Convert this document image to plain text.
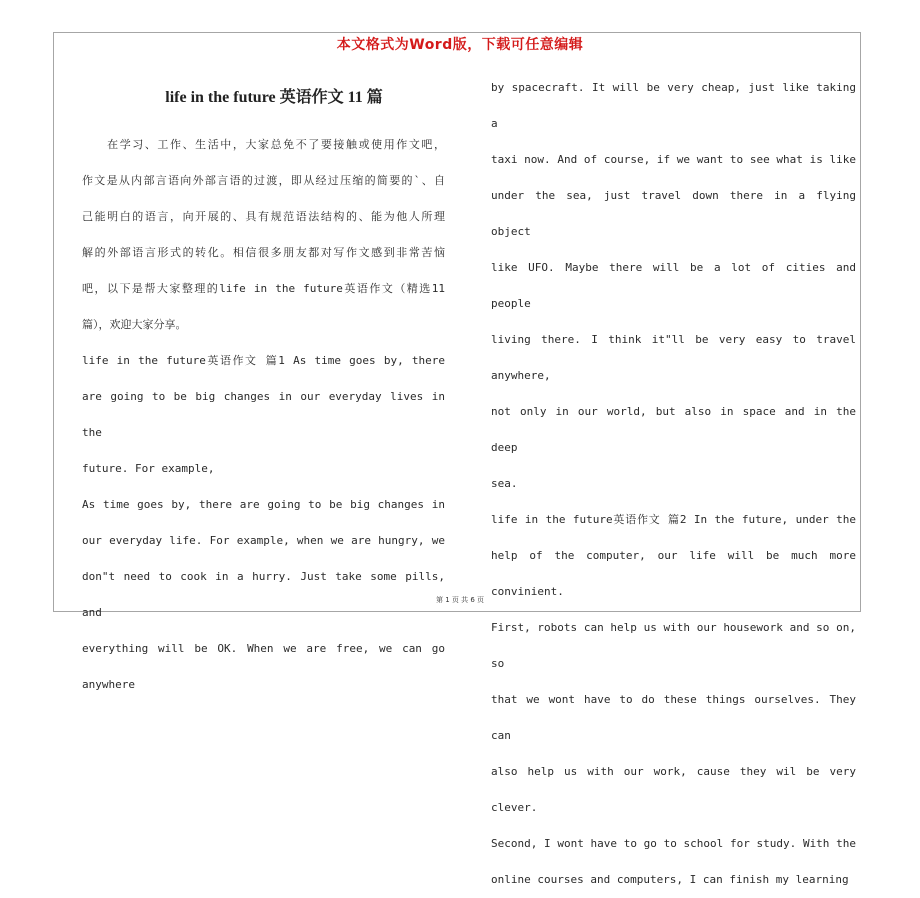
本文格式为Word版，下载可任意编辑
life in the future 英语作文 11 篇

　　在学习、工作、生活中，大家总免不了要接触或使用作文吧，

作文是从内部言语向外部言语的过渡，即从经过压缩的简要的`、自

己能明白的语言，向开展的、具有规范语法结构的、能为他人所理

解的外部语言形式的转化。相信很多朋友都对写作文感到非常苦恼

吧，以下是帮大家整理的life in the future英语作文（精选11

篇），欢迎大家分享。

life in the future英语作文 篇1 As time goes by, there

are going to be big changes in our everyday lives in the

future. For example,

As time goes by, there are going to be big changes in

our everyday life. For example, when we are hungry, we

don"t need to cook in a hurry. Just take some pills, and

everything will be OK. When we are free, we can go anywhere

by spacecraft. It will be very cheap, just like taking a

taxi now. And of course, if we want to see what is like

under the sea, just travel down there in a flying object

like UFO. Maybe there will be a lot of cities and people

living there. I think it"ll be very easy to travel anywhere,

not only in our world, but also in space and in the deep

sea.

life in the future英语作文 篇2 In the future, under the

help of the computer, our life will be much more convinient.

First, robots can help us with our housework and so on, so

that we wont have to do these things ourselves. They can

also help us with our work, cause they wil be very clever.

Second, I wont have to go to school for study. With the

online courses and computers, I can finish my learning

第 1 页 共 6 页
